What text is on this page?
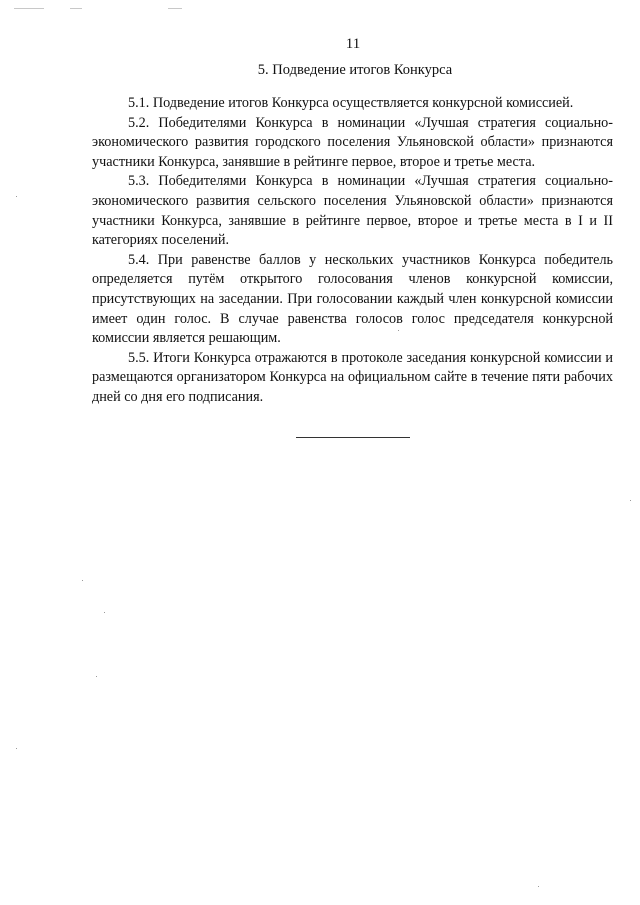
11
5. Подведение итогов Конкурса

5.1. Подведение итогов Конкурса осуществляется конкурсной комиссией.

5.2. Победителями Конкурса в номинации «Лучшая стратегия социально-экономического развития городского поселения Ульяновской области» признаются участники Конкурса, занявшие в рейтинге первое, второе и третье места.

5.3. Победителями Конкурса в номинации «Лучшая стратегия социально-экономического развития сельского поселения Ульяновской области» признаются участники Конкурса, занявшие в рейтинге первое, второе и третье места в I и II категориях поселений.

5.4. При равенстве баллов у нескольких участников Конкурса победитель определяется путём открытого голосования членов конкурсной комиссии, присутствующих на заседании. При голосовании каждый член конкурсной комиссии имеет один голос. В случае равенства голосов голос председателя конкурсной комиссии является решающим.

5.5. Итоги Конкурса отражаются в протоколе заседания конкурсной комиссии и размещаются организатором Конкурса на официальном сайте в течение пяти рабочих дней со дня его подписания.
